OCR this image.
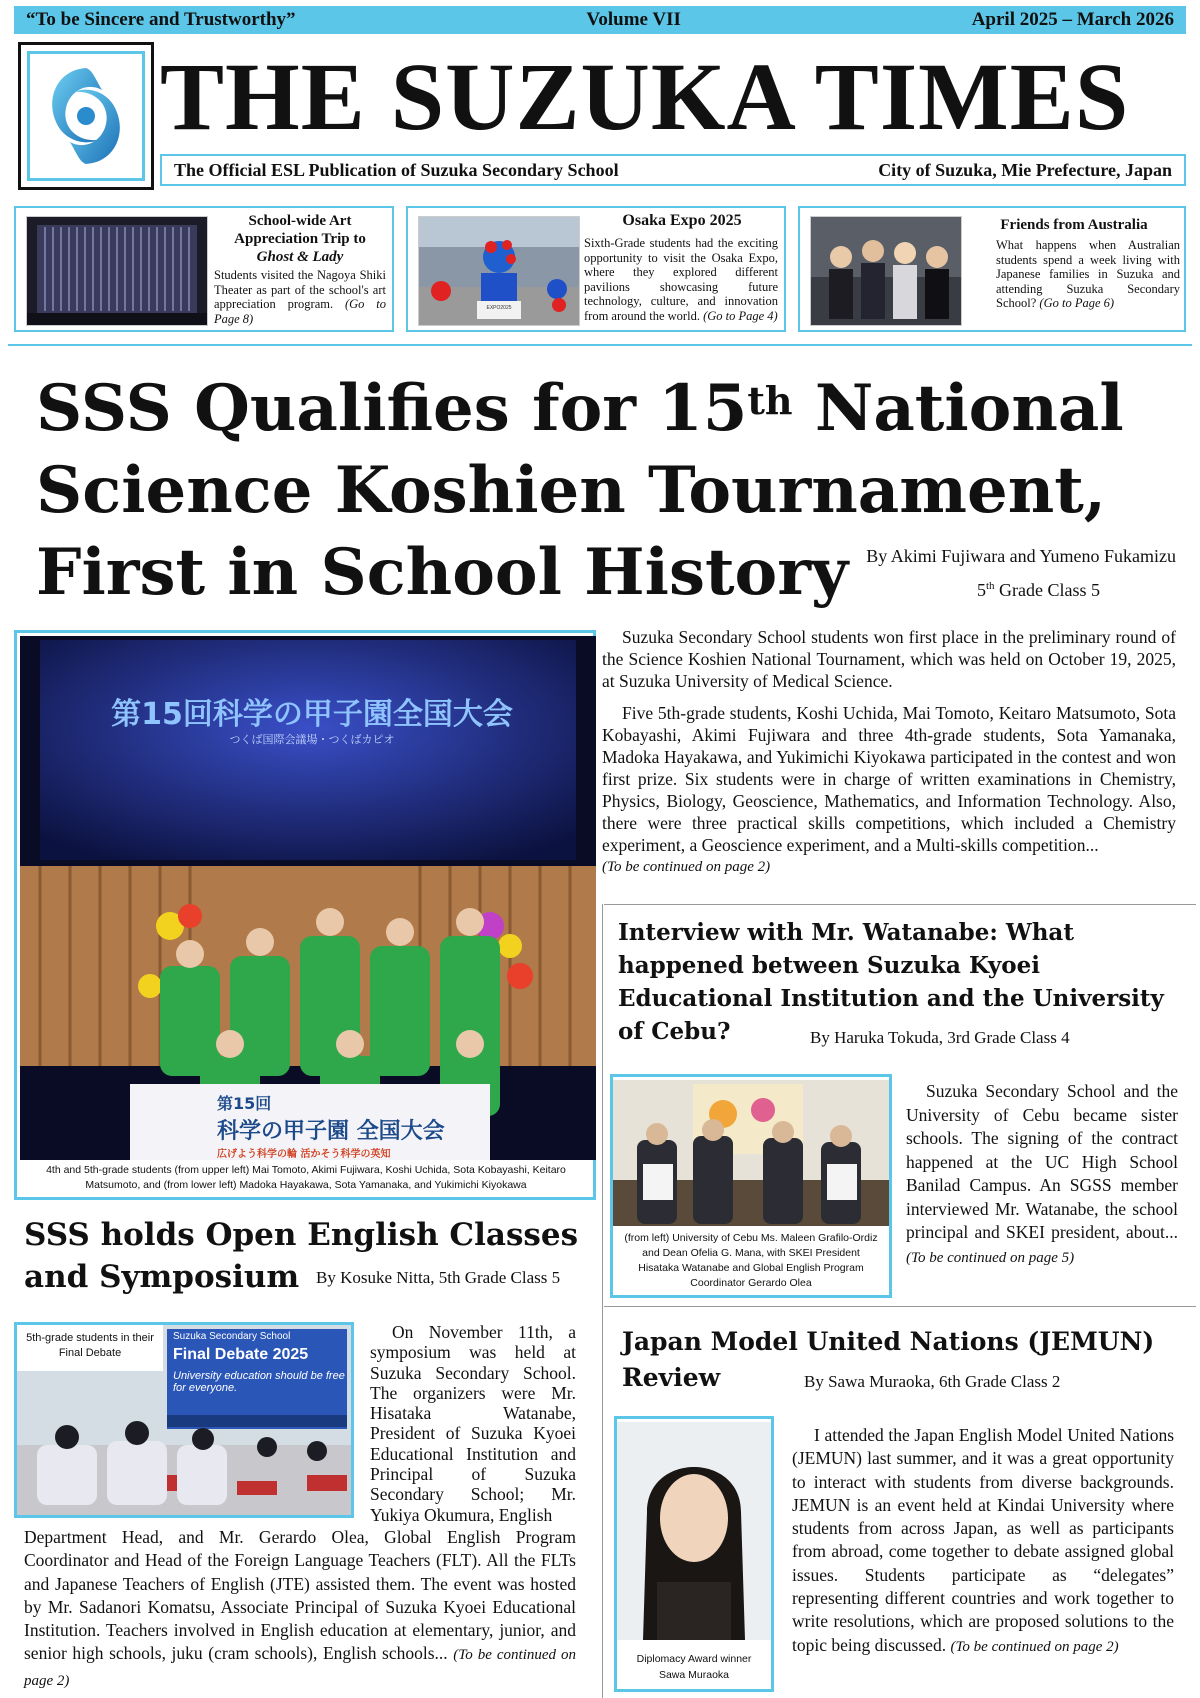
“To be Sincere and Trustworthy”	Volume VII	April 2025 – March 2026
THE SUZUKA TIMES
The Official ESL Publication of Suzuka Secondary School	City of Suzuka, Mie Prefecture, Japan
School-wide Art
Appreciation Trip to
Ghost & Lady
Students visited the Nagoya Shiki Theater as part of the school's art appreciation program. (Go to Page 8)
EXPO2025
Osaka Expo 2025
Sixth-Grade students had the exciting opportunity to visit the Osaka Expo, where they explored different pavilions showcasing future technology, culture, and innovation from around the world. (Go to Page 4)
Friends from Australia
What happens when Australian students spend a week living with Japanese families in Suzuka and attending Suzuka Secondary School? (Go to Page 6)
SSS Qualifies for 15th National
Science Koshien Tournament,
First in School History	By Akimi Fujiwara and Yumeno Fukamizu
5th Grade Class 5
第15回科学の甲子園全国大会
つくば国際会議場・つくばカピオ
第15回
科学の甲子園 全国大会
広げよう科学の輪 活かそう科学の英知
4th and 5th-grade students (from upper left) Mai Tomoto, Akimi Fujiwara, Koshi Uchida, Sota Kobayashi, Keitaro Matsumoto, and (from lower left) Madoka Hayakawa, Sota Yamanaka, and Yukimichi Kiyokawa

Suzuka Secondary School students won first place in the preliminary round of the Science Koshien National Tournament, which was held on October 19, 2025, at Suzuka University of Medical Science.

Five 5th-grade students, Koshi Uchida, Mai Tomoto, Keitaro Matsumoto, Sota Kobayashi, Akimi Fujiwara and three 4th-grade students, Sota Yamanaka, Madoka Hayakawa, and Yukimichi Kiyokawa participated in the contest and won first prize. Six students were in charge of written examinations in Chemistry, Physics, Biology, Geoscience, Mathematics, and Information Technology. Also, there were three practical skills competitions, which included a Chemistry experiment, a Geoscience experiment, and a Multi-skills competition...

(To be continued on page 2)
Interview with Mr. Watanabe: What happened between Suzuka Kyoei Educational Institution and the University of Cebu?	By Haruka Tokuda, 3rd Grade Class 4
(from left) University of Cebu Ms. Maleen Grafilo-Ordiz and Dean Ofelia G. Mana, with SKEI President Hisataka Watanabe and Global English Program Coordinator Gerardo Olea
Suzuka Secondary School and the University of Cebu became sister schools. The signing of the contract happened at the UC High School Banilad Campus. An SGSS member interviewed Mr. Watanabe, the school principal and SKEI president, about... (To be continued on page 5)
SSS holds Open English Classes
and Symposium By Kosuke Nitta, 5th Grade Class 5
5th-grade students in their Final Debate
Suzuka Secondary School
Final Debate 2025
University education should be free for everyone.
On November 11th, a symposium was held at Suzuka Secondary School. The organizers were Mr. Hisataka Watanabe, President of Suzuka Kyoei Educational Institution and Principal of Suzuka Secondary School; Mr. Yukiya Okumura, English
Department Head, and Mr. Gerardo Olea, Global English Program Coordinator and Head of the Foreign Language Teachers (FLT). All the FLTs and Japanese Teachers of English (JTE) assisted them. The event was hosted by Mr. Sadanori Komatsu, Associate Principal of Suzuka Kyoei Educational Institution. Teachers involved in English education at elementary, junior, and senior high schools, juku (cram schools), English schools... (To be continued on page 2)
Japan Model United Nations (JEMUN)
Review	By Sawa Muraoka, 6th Grade Class 2
Diplomacy Award winner
Sawa Muraoka
I attended the Japan English Model United Nations (JEMUN) last summer, and it was a great opportunity to interact with students from diverse backgrounds. JEMUN is an event held at Kindai University where students from across Japan, as well as participants from abroad, come together to debate assigned global issues. Students participate as “delegates” representing different countries and work together to write resolutions, which are proposed solutions to the topic being discussed. (To be continued on page 2)
